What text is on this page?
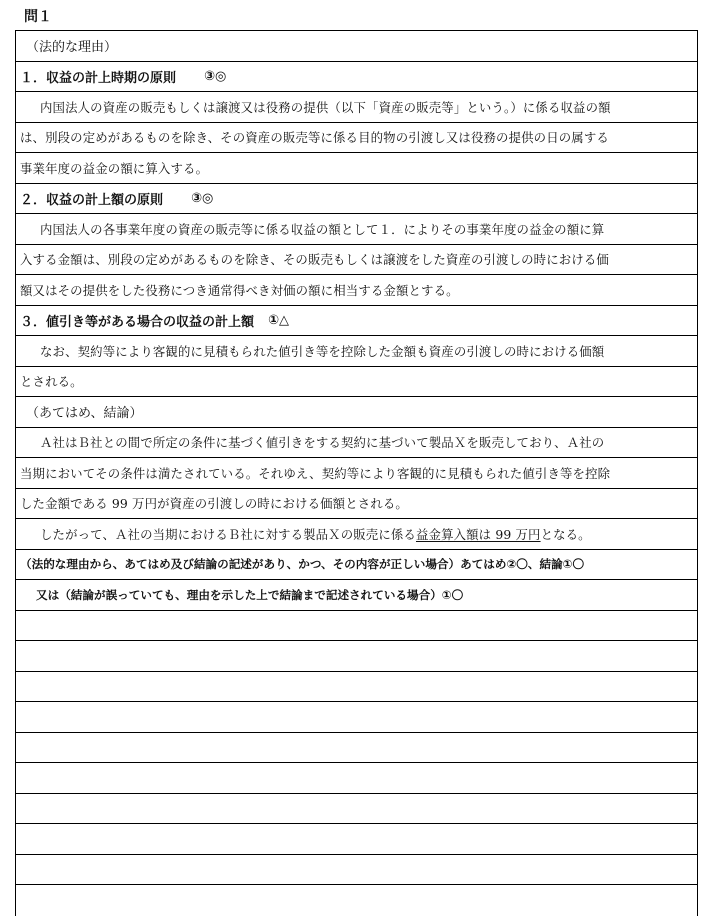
問１
（法的な理由）
１．収益の計上時期の原則 ③◎
内国法人の資産の販売もしくは譲渡又は役務の提供（以下「資産の販売等」という。）に係る収益の額
は、別段の定めがあるものを除き、その資産の販売等に係る目的物の引渡し又は役務の提供の日の属する
事業年度の益金の額に算入する。
２．収益の計上額の原則 ③◎
内国法人の各事業年度の資産の販売等に係る収益の額として１．によりその事業年度の益金の額に算
入する金額は、別段の定めがあるものを除き、その販売もしくは譲渡をした資産の引渡しの時における価
額又はその提供をした役務につき通常得べき対価の額に相当する金額とする。
３．値引き等がある場合の収益の計上額 ①△
なお、契約等により客観的に見積もられた値引き等を控除した金額も資産の引渡しの時における価額
とされる。
（あてはめ、結論）
Ａ社はＢ社との間で所定の条件に基づく値引きをする契約に基づいて製品Ｘを販売しており、Ａ社の
当期においてその条件は満たされている。それゆえ、契約等により客観的に見積もられた値引き等を控除
した金額である 99 万円が資産の引渡しの時における価額とされる。
したがって、Ａ社の当期におけるＢ社に対する製品Ｘの販売に係る 益金算入額は 99 万円 となる。
（法的な理由から、あてはめ及び結論の記述があり、かつ、その内容が正しい場合）あてはめ②〇、結論①〇
又は（結論が誤っていても、理由を示した上で結論まで記述されている場合）①〇
